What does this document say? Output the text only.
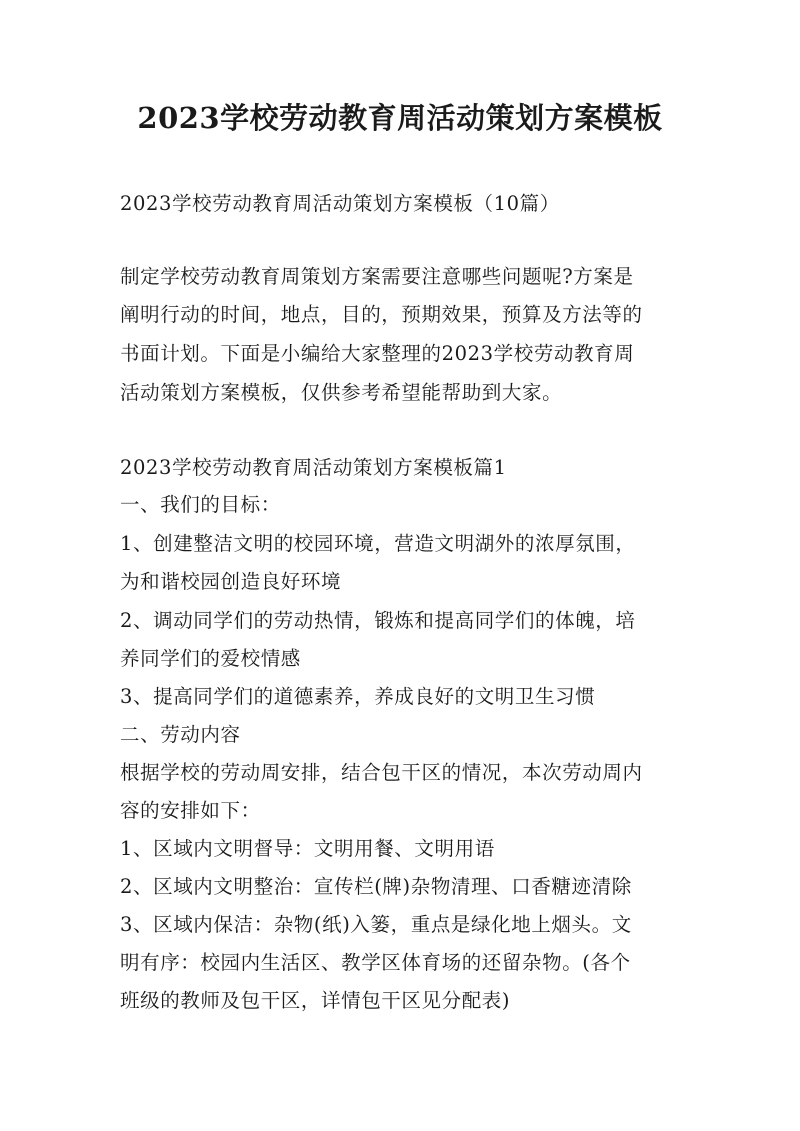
2023学校劳动教育周活动策划方案模板
2023学校劳动教育周活动策划方案模板（10篇）
制定学校劳动教育周策划方案需要注意哪些问题呢?方案是
阐明行动的时间，地点，目的，预期效果，预算及方法等的
书面计划。下面是小编给大家整理的2023学校劳动教育周
活动策划方案模板，仅供参考希望能帮助到大家。
2023学校劳动教育周活动策划方案模板篇1
一、我们的目标：
1、创建整洁文明的校园环境，营造文明湖外的浓厚氛围，
为和谐校园创造良好环境
2、调动同学们的劳动热情，锻炼和提高同学们的体魄，培
养同学们的爱校情感
3、提高同学们的道德素养，养成良好的文明卫生习惯
二、劳动内容
根据学校的劳动周安排，结合包干区的情况，本次劳动周内
容的安排如下：
1、区域内文明督导：文明用餐、文明用语
2、区域内文明整治：宣传栏(牌)杂物清理、口香糖迹清除
3、区域内保洁：杂物(纸)入篓，重点是绿化地上烟头。文
明有序：校园内生活区、教学区体育场的还留杂物。(各个
班级的教师及包干区，详情包干区见分配表)
